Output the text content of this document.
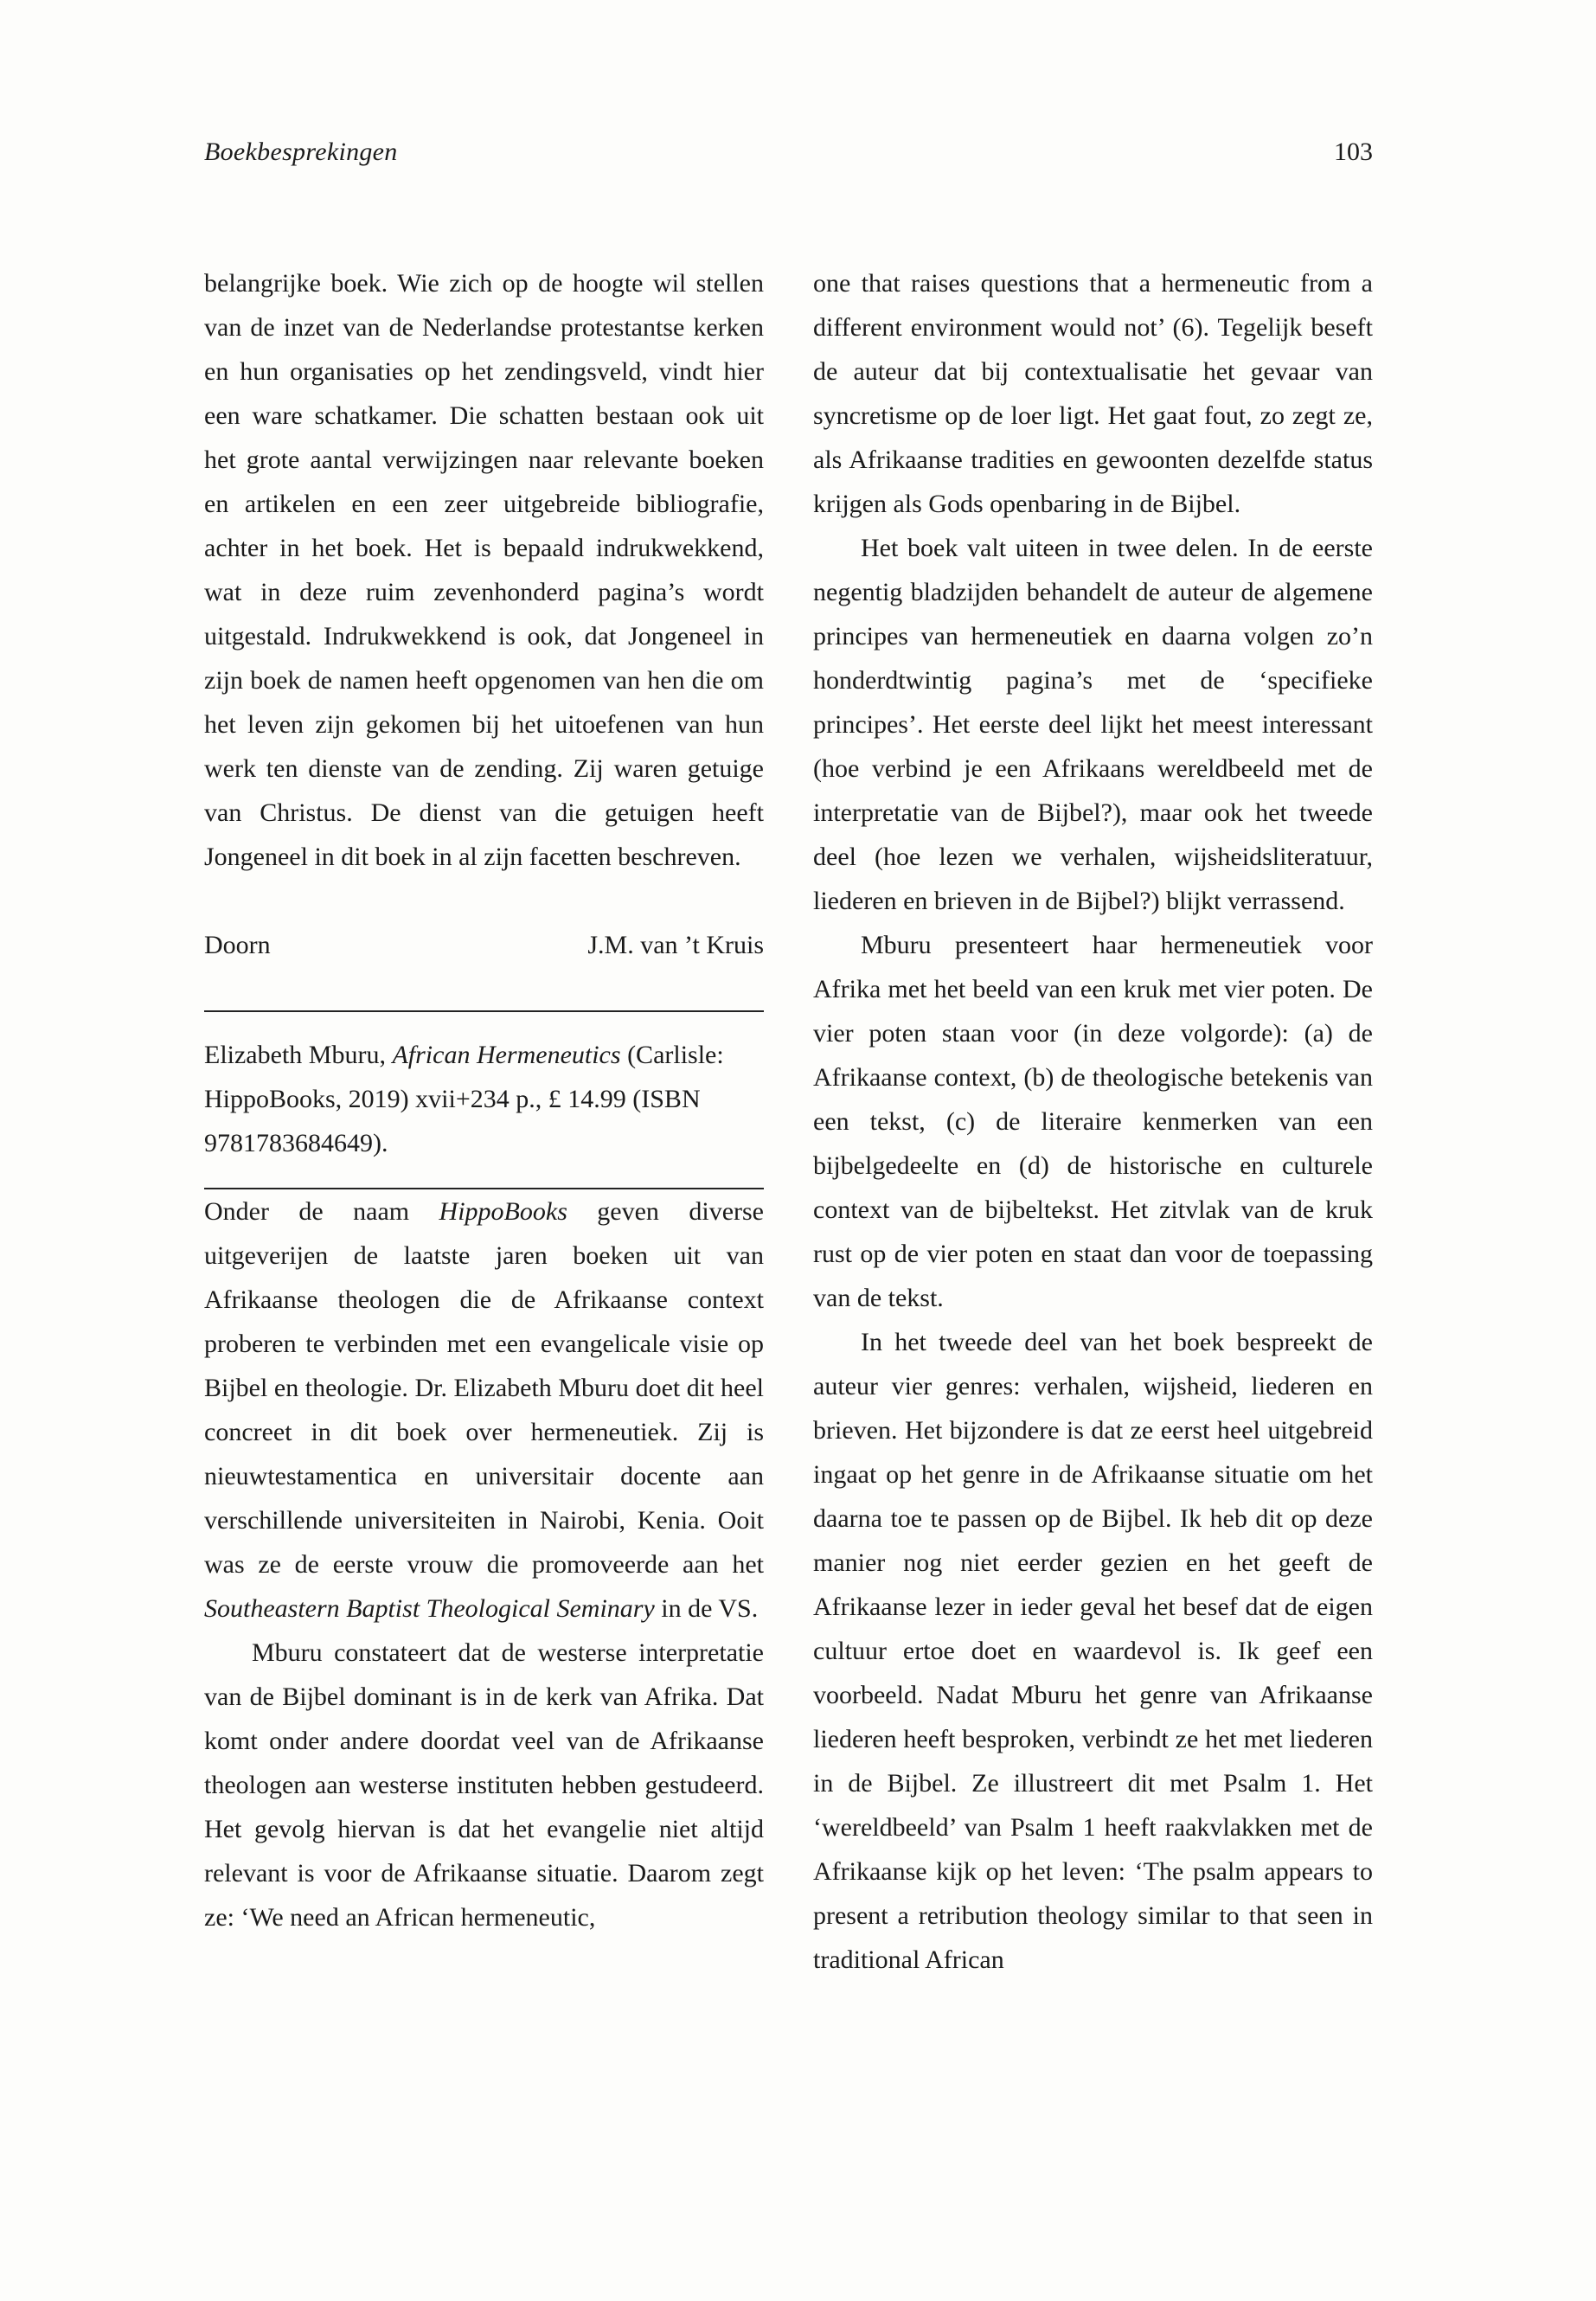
Boekbesprekingen	103

belangrijke boek. Wie zich op de hoogte wil stellen van de inzet van de Nederlandse protestantse kerken en hun organisaties op het zendingsveld, vindt hier een ware schatkamer. Die schatten bestaan ook uit het grote aantal verwijzingen naar relevante boeken en artikelen en een zeer uitgebreide bibliografie, achter in het boek. Het is bepaald indrukwekkend, wat in deze ruim zevenhonderd pagina’s wordt uitgestald. Indrukwekkend is ook, dat Jongeneel in zijn boek de namen heeft opgenomen van hen die om het leven zijn gekomen bij het uitoefenen van hun werk ten dienste van de zending. Zij waren getuige van Christus. De dienst van die getuigen heeft Jongeneel in dit boek in al zijn facetten beschreven.

Doorn	J.M. van ’t Kruis
Elizabeth Mburu, African Hermeneutics (Carlisle: HippoBooks, 2019) xvii+234 p., £ 14.99 (ISBN 9781783684649).

Onder de naam HippoBooks geven diverse uitgeverijen de laatste jaren boeken uit van Afrikaanse theologen die de Afrikaanse context proberen te verbinden met een evangelicale visie op Bijbel en theologie. Dr. Elizabeth Mburu doet dit heel concreet in dit boek over hermeneutiek. Zij is nieuwtestamentica en universitair docente aan verschillende universiteiten in Nairobi, Kenia. Ooit was ze de eerste vrouw die promoveerde aan het Southeastern Baptist Theological Seminary in de VS.

Mburu constateert dat de westerse interpretatie van de Bijbel dominant is in de kerk van Afrika. Dat komt onder andere doordat veel van de Afrikaanse theologen aan westerse instituten hebben gestudeerd. Het gevolg hiervan is dat het evangelie niet altijd relevant is voor de Afrikaanse situatie. Daarom zegt ze: ‘We need an African hermeneutic,

one that raises questions that a hermeneutic from a different environment would not’ (6). Tegelijk beseft de auteur dat bij contextualisatie het gevaar van syncretisme op de loer ligt. Het gaat fout, zo zegt ze, als Afrikaanse tradities en gewoonten dezelfde status krijgen als Gods openbaring in de Bijbel.

Het boek valt uiteen in twee delen. In de eerste negentig bladzijden behandelt de auteur de algemene principes van hermeneutiek en daarna volgen zo’n honderdtwintig pagina’s met de ‘specifieke principes’. Het eerste deel lijkt het meest interessant (hoe verbind je een Afrikaans wereldbeeld met de interpretatie van de Bijbel?), maar ook het tweede deel (hoe lezen we verhalen, wijsheidsliteratuur, liederen en brieven in de Bijbel?) blijkt verrassend.

Mburu presenteert haar hermeneutiek voor Afrika met het beeld van een kruk met vier poten. De vier poten staan voor (in deze volgorde): (a) de Afrikaanse context, (b) de theologische betekenis van een tekst, (c) de literaire kenmerken van een bijbelgedeelte en (d) de historische en culturele context van de bijbeltekst. Het zitvlak van de kruk rust op de vier poten en staat dan voor de toepassing van de tekst.

In het tweede deel van het boek bespreekt de auteur vier genres: verhalen, wijsheid, liederen en brieven. Het bijzondere is dat ze eerst heel uitgebreid ingaat op het genre in de Afrikaanse situatie om het daarna toe te passen op de Bijbel. Ik heb dit op deze manier nog niet eerder gezien en het geeft de Afrikaanse lezer in ieder geval het besef dat de eigen cultuur ertoe doet en waardevol is. Ik geef een voorbeeld. Nadat Mburu het genre van Afrikaanse liederen heeft besproken, verbindt ze het met liederen in de Bijbel. Ze illustreert dit met Psalm 1. Het ‘wereldbeeld’ van Psalm 1 heeft raakvlakken met de Afrikaanse kijk op het leven: ‘The psalm appears to present a retribution theology similar to that seen in traditional African
